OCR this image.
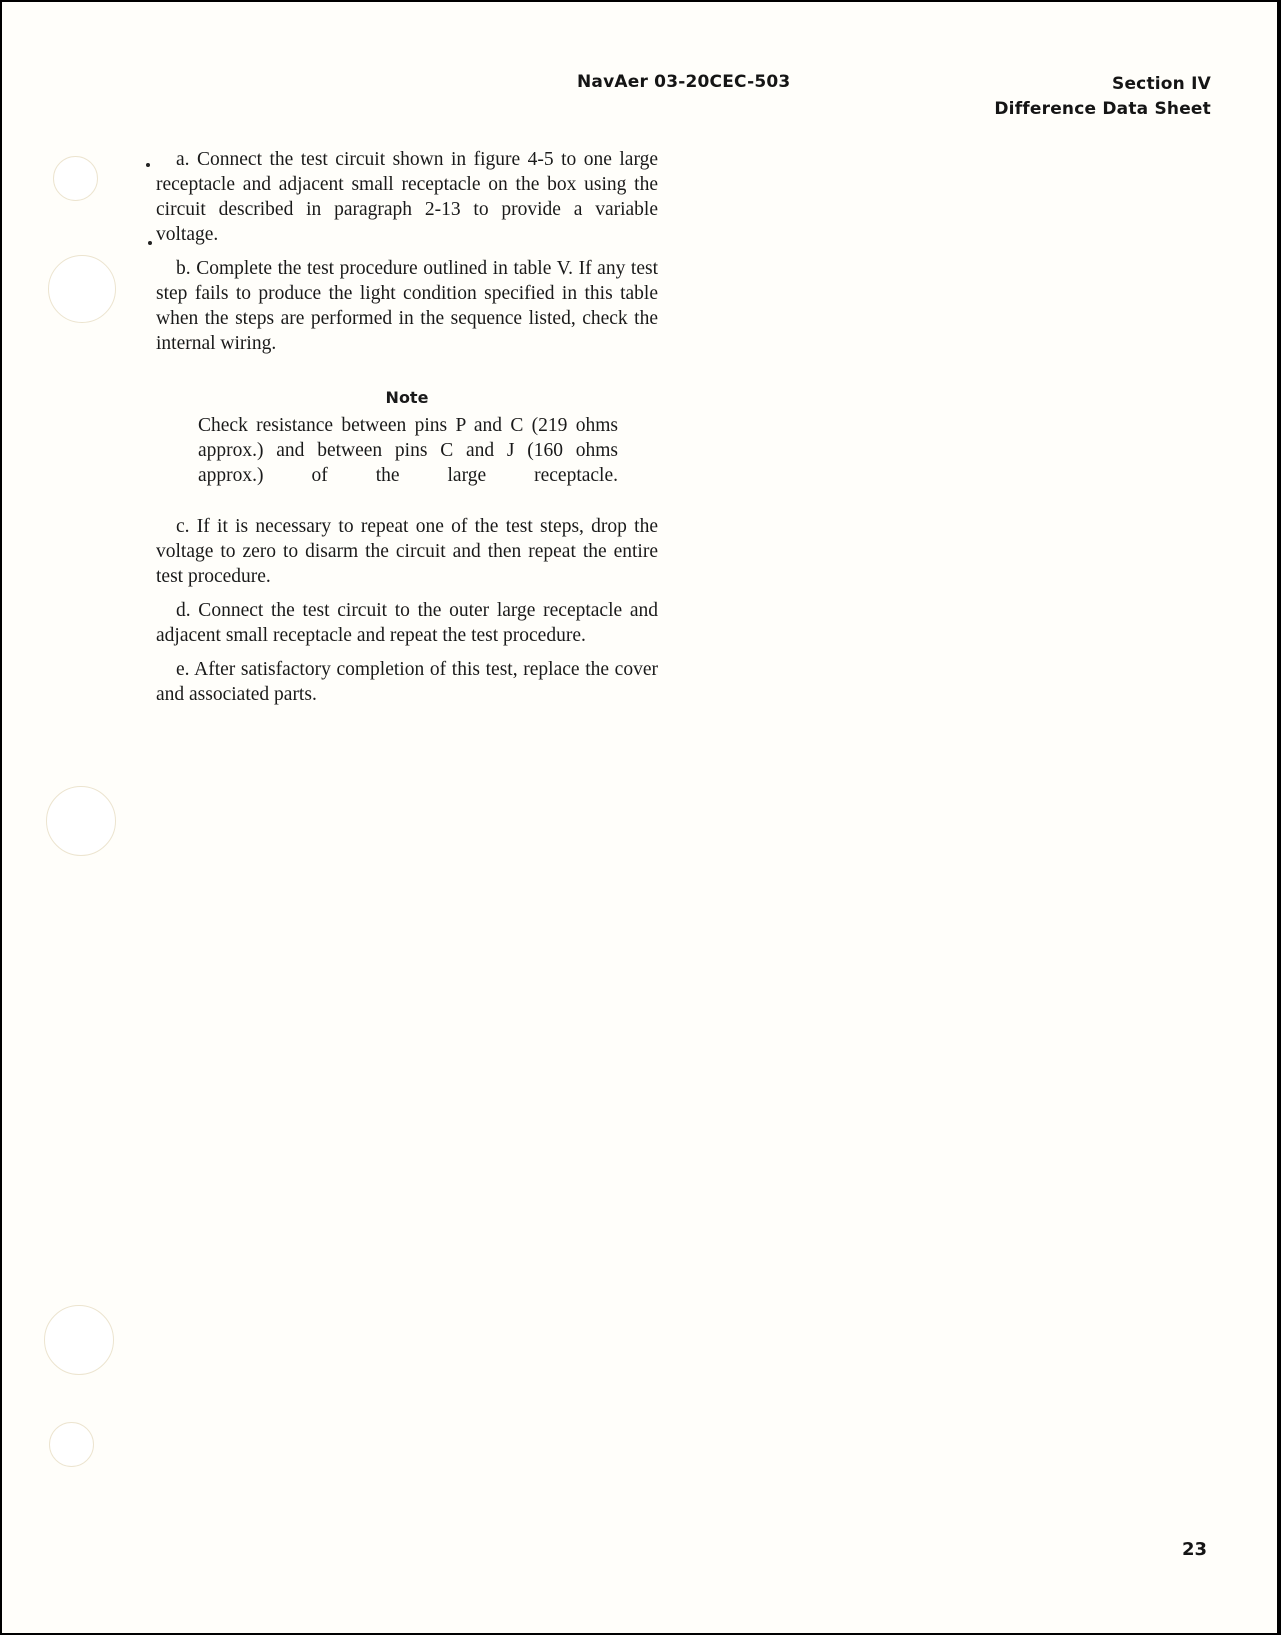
NavAer 03-20CEC-503	Section IV
Difference Data Sheet

a. Connect the test circuit shown in figure 4-5 to one large receptacle and adjacent small receptacle on the box using the circuit described in paragraph 2-13 to provide a variable voltage.

b. Complete the test procedure outlined in table V. If any test step fails to produce the light condition specified in this table when the steps are performed in the sequence listed, check the internal wiring.

Note
Check resistance between pins P and C (219 ohms approx.) and between pins C and J (160 ohms approx.) of the large receptacle.

c. If it is necessary to repeat one of the test steps, drop the voltage to zero to disarm the circuit and then repeat the entire test procedure.

d. Connect the test circuit to the outer large receptacle and adjacent small receptacle and repeat the test procedure.

e. After satisfactory completion of this test, replace the cover and associated parts.

23
